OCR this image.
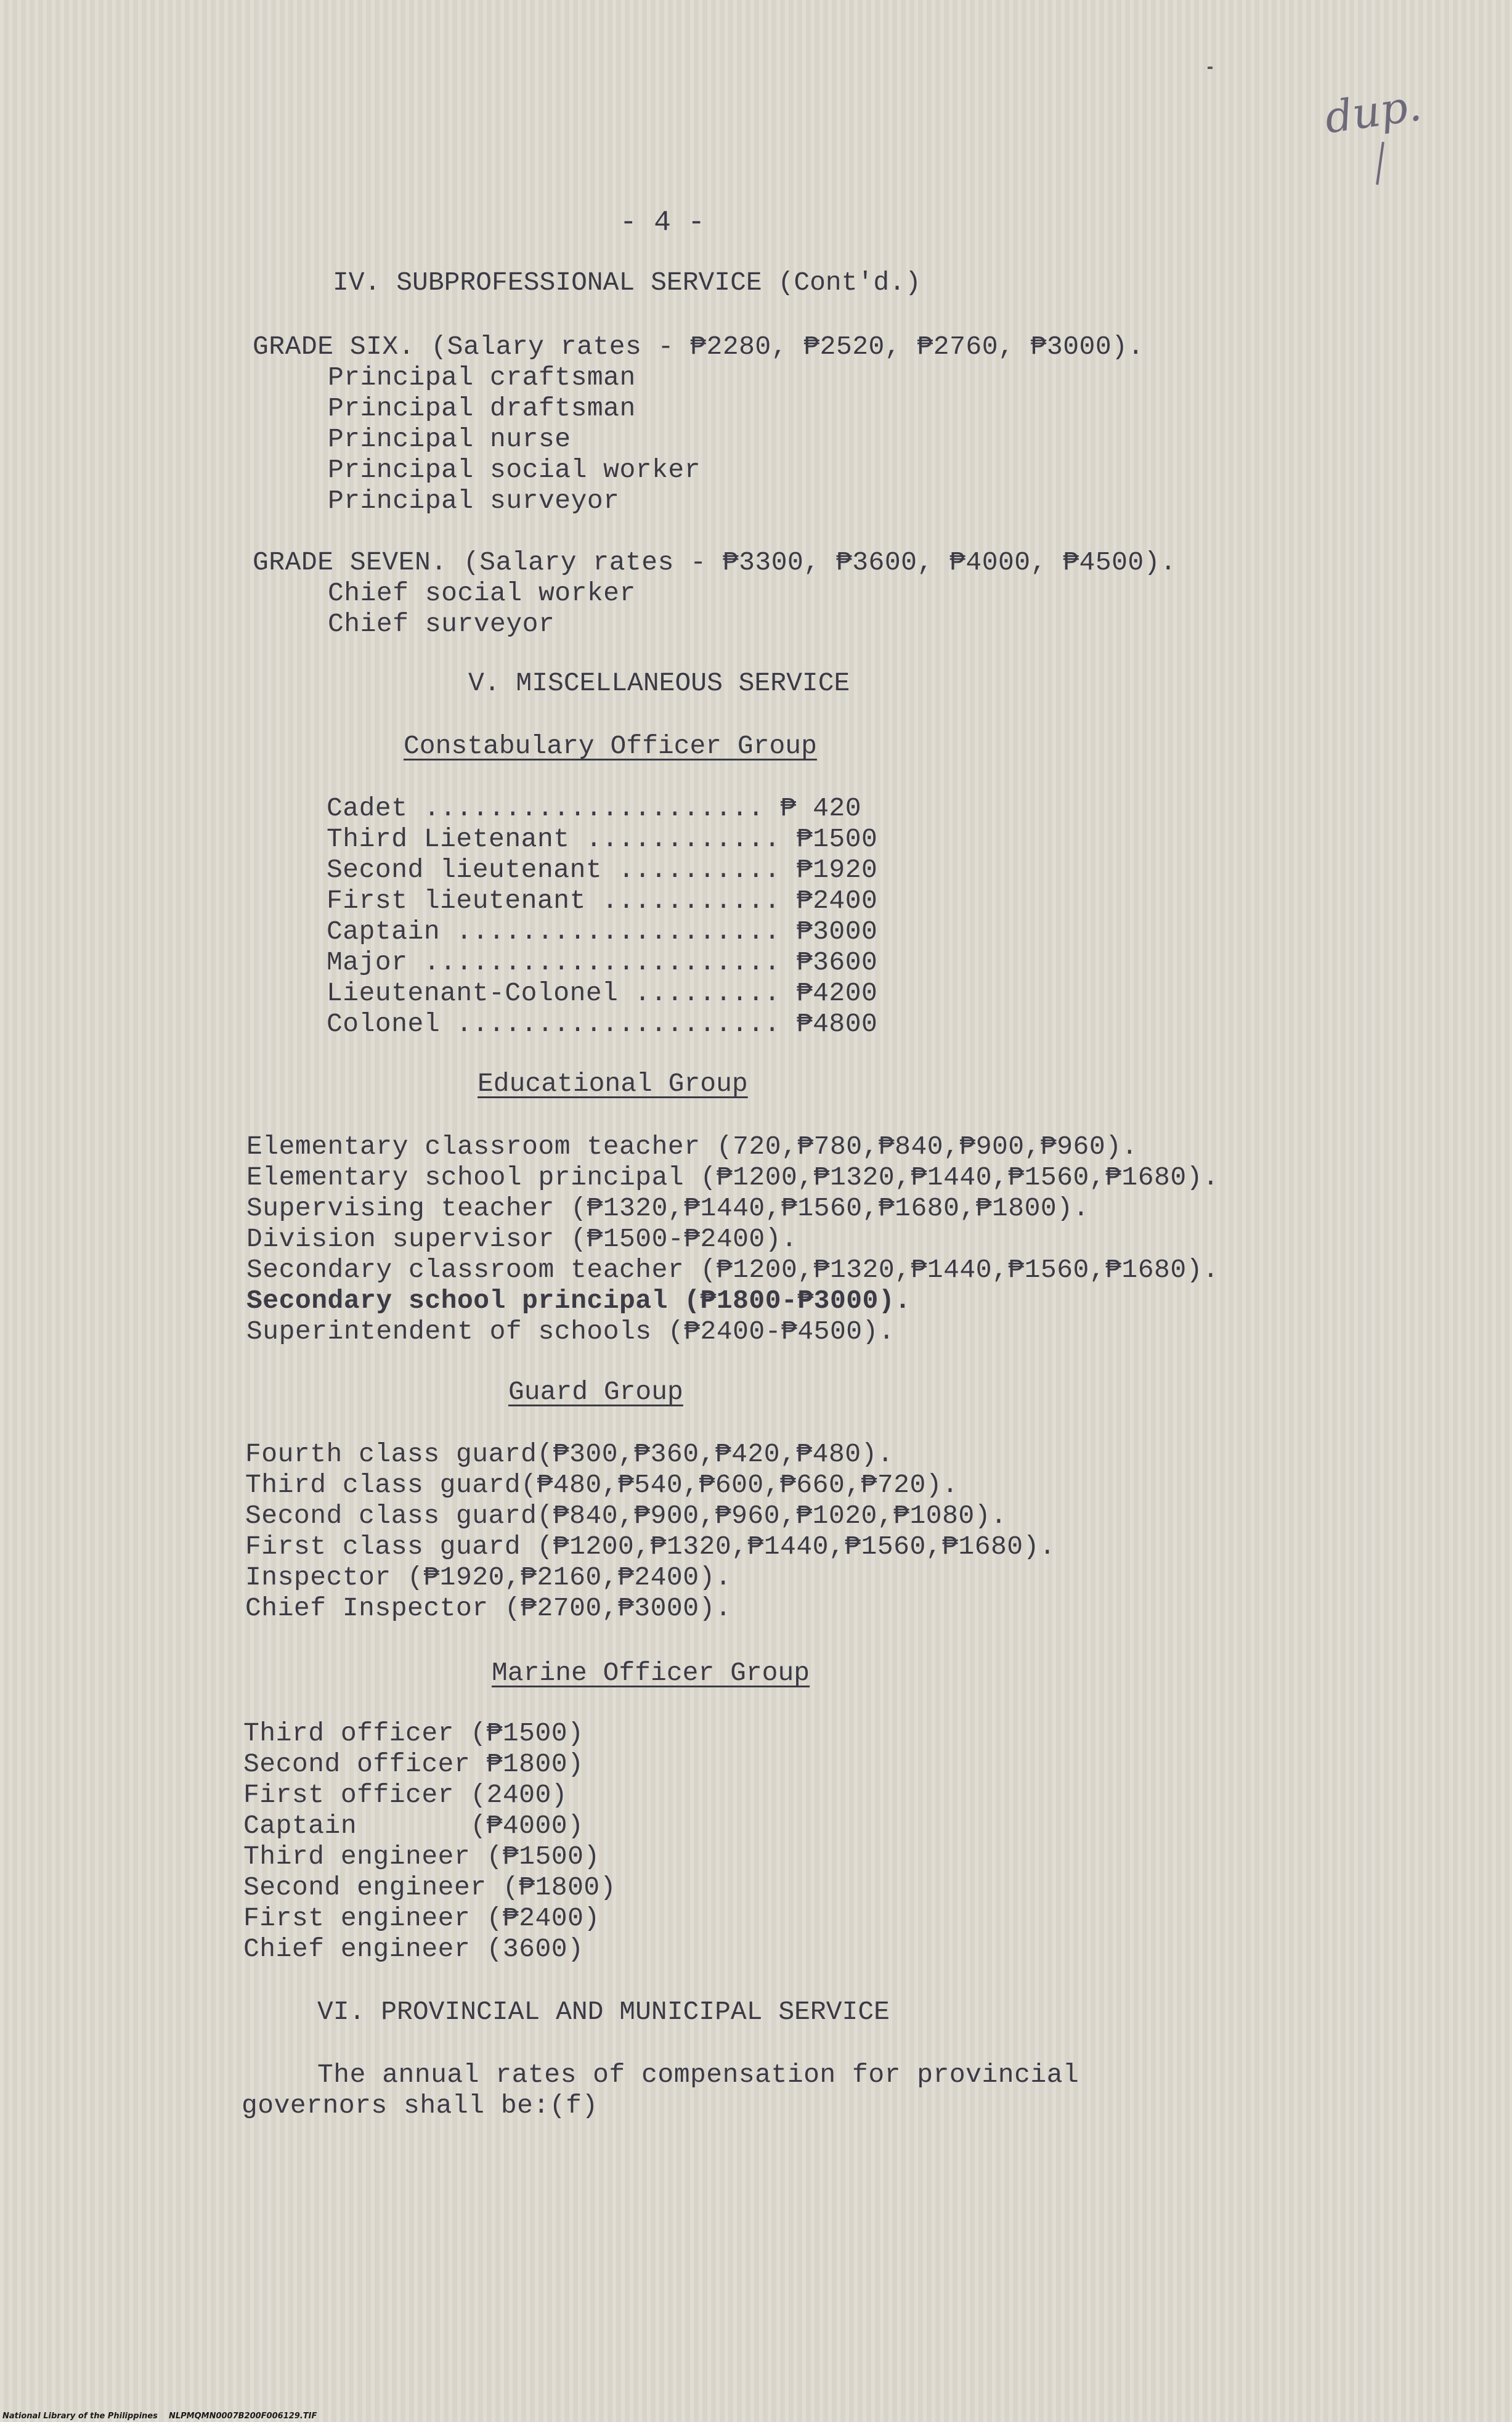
dup.
- 4 -
IV. SUBPROFESSIONAL SERVICE (Cont'd.)
GRADE SIX. (Salary rates - ₱2280, ₱2520, ₱2760, ₱3000).
Principal craftsman
Principal draftsman
Principal nurse
Principal social worker
Principal surveyor
GRADE SEVEN. (Salary rates - ₱3300, ₱3600, ₱4000, ₱4500).
Chief social worker
Chief surveyor
V. MISCELLANEOUS SERVICE
Constabulary Officer Group
Cadet ..................... ₱ 420
Third Lietenant ............ ₱1500
Second lieutenant .......... ₱1920
First lieutenant ........... ₱2400
Captain .................... ₱3000
Major ...................... ₱3600
Lieutenant-Colonel ......... ₱4200
Colonel .................... ₱4800
Educational Group
Elementary classroom teacher (720,₱780,₱840,₱900,₱960).
Elementary school principal (₱1200,₱1320,₱1440,₱1560,₱1680).
Supervising teacher (₱1320,₱1440,₱1560,₱1680,₱1800).
Division supervisor (₱1500-₱2400).
Secondary classroom teacher (₱1200,₱1320,₱1440,₱1560,₱1680).
Secondary school principal (₱1800-₱3000).
Superintendent of schools (₱2400-₱4500).
Guard Group
Fourth class guard(₱300,₱360,₱420,₱480).
Third class guard(₱480,₱540,₱600,₱660,₱720).
Second class guard(₱840,₱900,₱960,₱1020,₱1080).
First class guard (₱1200,₱1320,₱1440,₱1560,₱1680).
Inspector (₱1920,₱2160,₱2400).
Chief Inspector (₱2700,₱3000).
Marine Officer Group
Third officer (₱1500)
Second officer ₱1800)
First officer (2400)
Captain       (₱4000)
Third engineer (₱1500)
Second engineer (₱1800)
First engineer (₱2400)
Chief engineer (3600)
VI. PROVINCIAL AND MUNICIPAL SERVICE
The annual rates of compensation for provincial
governors shall be:(f)
National Library of the Philippines    NLPMQMN0007B200F006129.TIF
